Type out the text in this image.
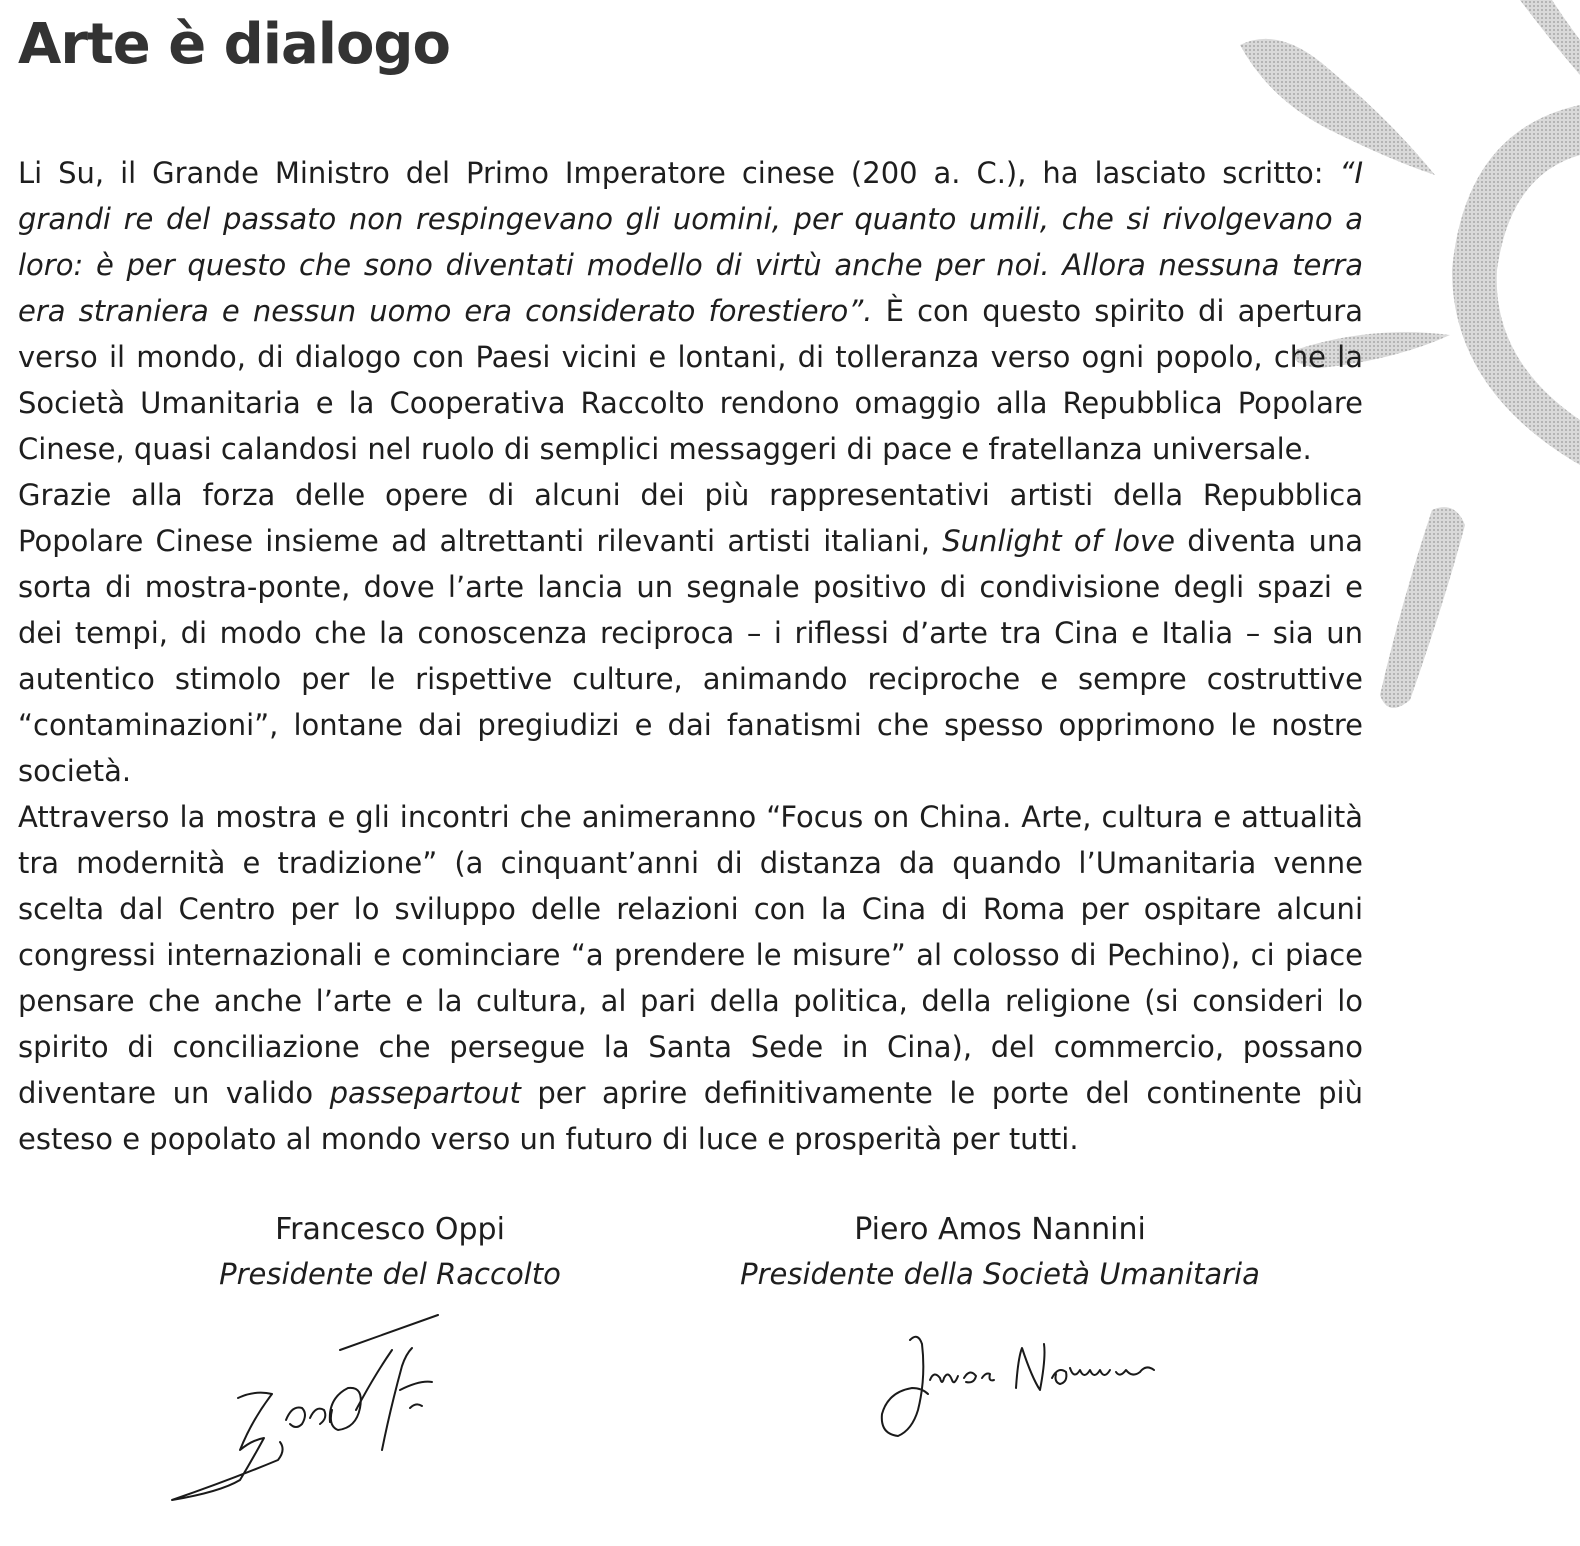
Arte è dialogo

Li Su, il Grande Ministro del Primo Imperatore cinese (200 a. C.), ha lasciato scritto: “I grandi re del passato non respingevano gli uomini, per quanto umili, che si rivolgevano a loro: è per questo che sono diventati modello di virtù anche per noi. Allora nessuna terra era straniera e nessun uomo era considerato forestiero”. È con questo spirito di apertura verso il mondo, di dialogo con Paesi vicini e lontani, di tolleranza verso ogni popolo, che la Società Umanitaria e la Cooperativa Raccolto rendono omaggio alla Repubblica Popolare Cinese, quasi calandosi nel ruolo di semplici messaggeri di pace e fratellanza universale.

Grazie alla forza delle opere di alcuni dei più rappresentativi artisti della Repubblica Popolare Cinese insieme ad altrettanti rilevanti artisti italiani, Sunlight of love diventa una sorta di mostra-ponte, dove l’arte lancia un segnale positivo di condivisione degli spazi e dei tempi, di modo che la conoscenza reciproca – i riflessi d’arte tra Cina e Italia – sia un autentico stimolo per le rispettive culture, animando reciproche e sempre costruttive “contaminazioni”, lontane dai pregiudizi e dai fanatismi che spesso opprimono le nostre società.

Attraverso la mostra e gli incontri che animeranno “Focus on China. Arte, cultura e attualità tra modernità e tradizione” (a cinquant’anni di distanza da quando l’Umanitaria venne scelta dal Centro per lo sviluppo delle relazioni con la Cina di Roma per ospitare alcuni congressi internazionali e cominciare “a prendere le misure” al colosso di Pechino), ci piace pensare che anche l’arte e la cultura, al pari della politica, della religione (si consideri lo spirito di conciliazione che persegue la Santa Sede in Cina), del commercio, possano diventare un valido passepartout per aprire definitivamente le porte del continente più esteso e popolato al mondo verso un futuro di luce e prosperità per tutti.

Francesco Oppi
Presidente del Raccolto
Piero Amos Nannini
Presidente della Società Umanitaria
